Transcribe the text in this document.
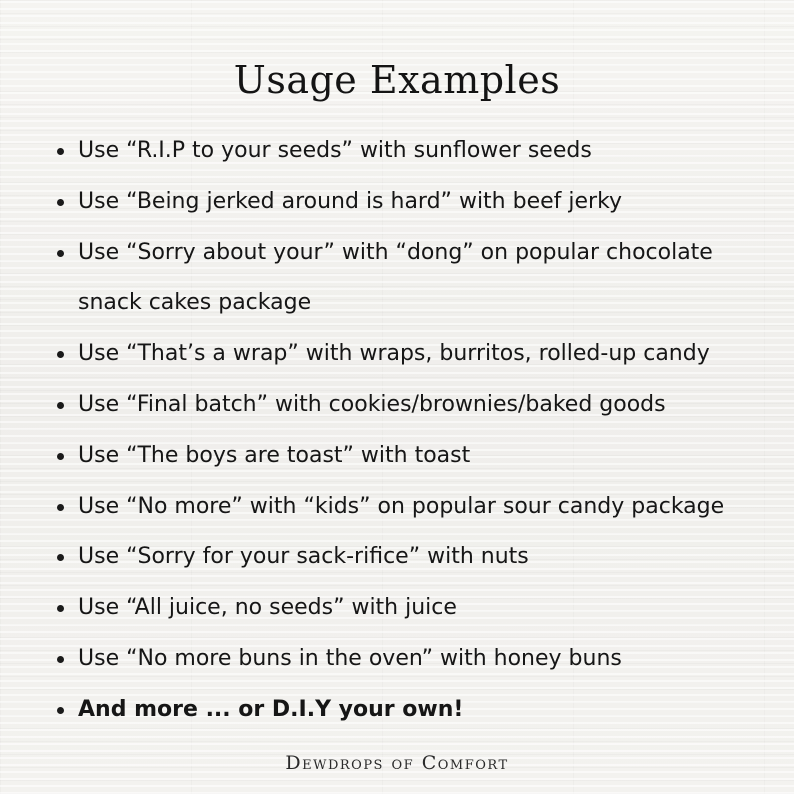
Usage Examples
Use “R.I.P to your seeds” with sunflower seeds
Use “Being jerked around is hard” with beef jerky
Use “Sorry about your” with “dong” on popular chocolate snack cakes package
Use “That’s a wrap” with wraps, burritos, rolled-up candy
Use “Final batch” with cookies/brownies/baked goods
Use “The boys are toast” with toast
Use “No more” with “kids” on popular sour candy package
Use “Sorry for your sack-rifice” with nuts
Use “All juice, no seeds” with juice
Use “No more buns in the oven” with honey buns
And more ... or D.I.Y your own!
Dewdrops of Comfort
